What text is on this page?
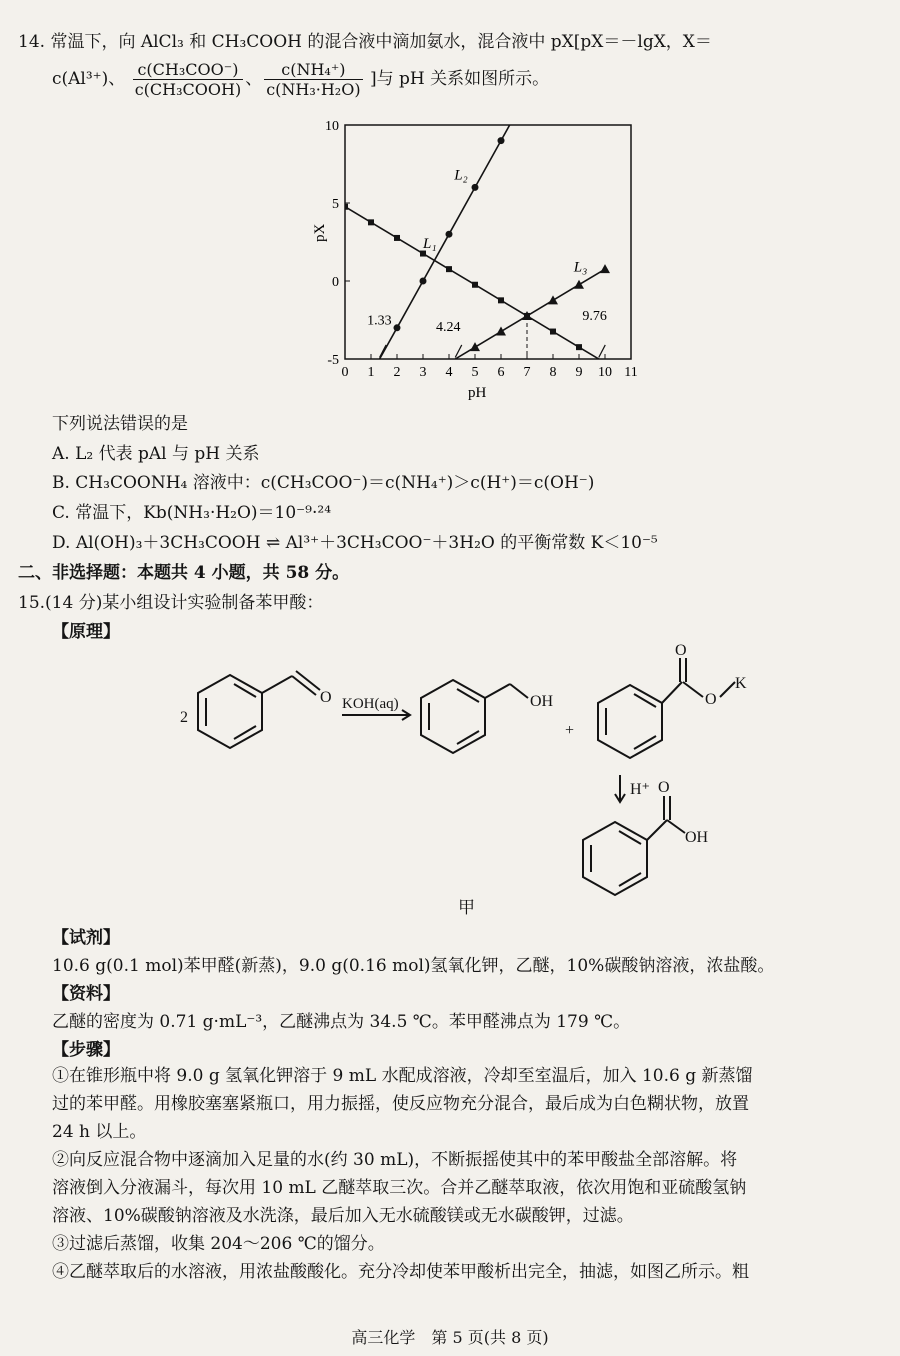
14. 常温下，向 AlCl₃ 和 CH₃COOH 的混合液中滴加氨水，混合液中 pX[pX＝－lgX，X＝
c(Al³⁺)、 $\frac{\text{c(CH₃COO⁻)}}{\text{c(CH₃COOH)}}$ 、 $\frac{\text{c(NH₄⁺)}}{\text{c(NH₃·H₂O)}}$ ]与 pH 关系如图所示。
0 1 2 3 4 5 6 7 8 9 10 11
-5
0
5
10
pH
pX
L₁
L₂
L₃
1.33	4.24
9.76
下列说法错误的是
A. L₂ 代表 pAl 与 pH 关系
B. CH₃COONH₄ 溶液中：c(CH₃COO⁻)＝c(NH₄⁺)＞c(H⁺)＝c(OH⁻)
C. 常温下，Kb(NH₃·H₂O)＝10⁻⁹·²⁴
D. Al(OH)₃＋3CH₃COOH ⇌ Al³⁺＋3CH₃COO⁻＋3H₂O 的平衡常数 K＜10⁻⁵
二、非选择题：本题共 4 小题，共 58 分。
15.(14 分)某小组设计实验制备苯甲酸：
【原理】
2
O KOH(aq)	OH
+
O
O
K
H⁺ O
OH
甲
【试剂】
10.6 g(0.1 mol)苯甲醛(新蒸)，9.0 g(0.16 mol)氢氧化钾，乙醚，10%碳酸钠溶液，浓盐酸。
【资料】
乙醚的密度为 0.71 g·mL⁻³，乙醚沸点为 34.5 ℃。苯甲醛沸点为 179 ℃。
【步骤】
①在锥形瓶中将 9.0 g 氢氧化钾溶于 9 mL 水配成溶液，冷却至室温后，加入 10.6 g 新蒸馏
过的苯甲醛。用橡胶塞塞紧瓶口，用力振摇，使反应物充分混合，最后成为白色糊状物，放置
24 h 以上。
②向反应混合物中逐滴加入足量的水(约 30 mL)，不断振摇使其中的苯甲酸盐全部溶解。将
溶液倒入分液漏斗，每次用 10 mL 乙醚萃取三次。合并乙醚萃取液，依次用饱和亚硫酸氢钠
溶液、10%碳酸钠溶液及水洗涤，最后加入无水硫酸镁或无水碳酸钾，过滤。
③过滤后蒸馏，收集 204～206 ℃的馏分。
④乙醚萃取后的水溶液，用浓盐酸酸化。充分冷却使苯甲酸析出完全，抽滤，如图乙所示。粗
高三化学　第 5 页(共 8 页)
